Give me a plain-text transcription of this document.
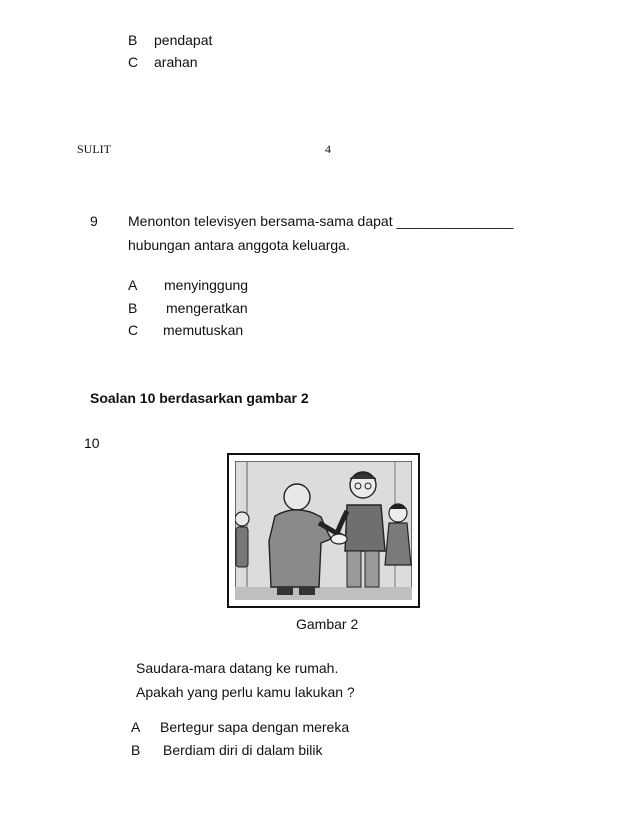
B pendapat
C arahan
SULIT	4
9 Menonton televisyen bersama-sama dapat _______________
hubungan antara anggota keluarga.
A menyinggung
B mengeratkan
C memutuskan
Soalan 10 berdasarkan gambar 2
10
Gambar 2
Saudara-mara datang ke rumah.
Apakah yang perlu kamu lakukan ?
A Bertegur sapa dengan mereka
B Berdiam diri di dalam bilik
